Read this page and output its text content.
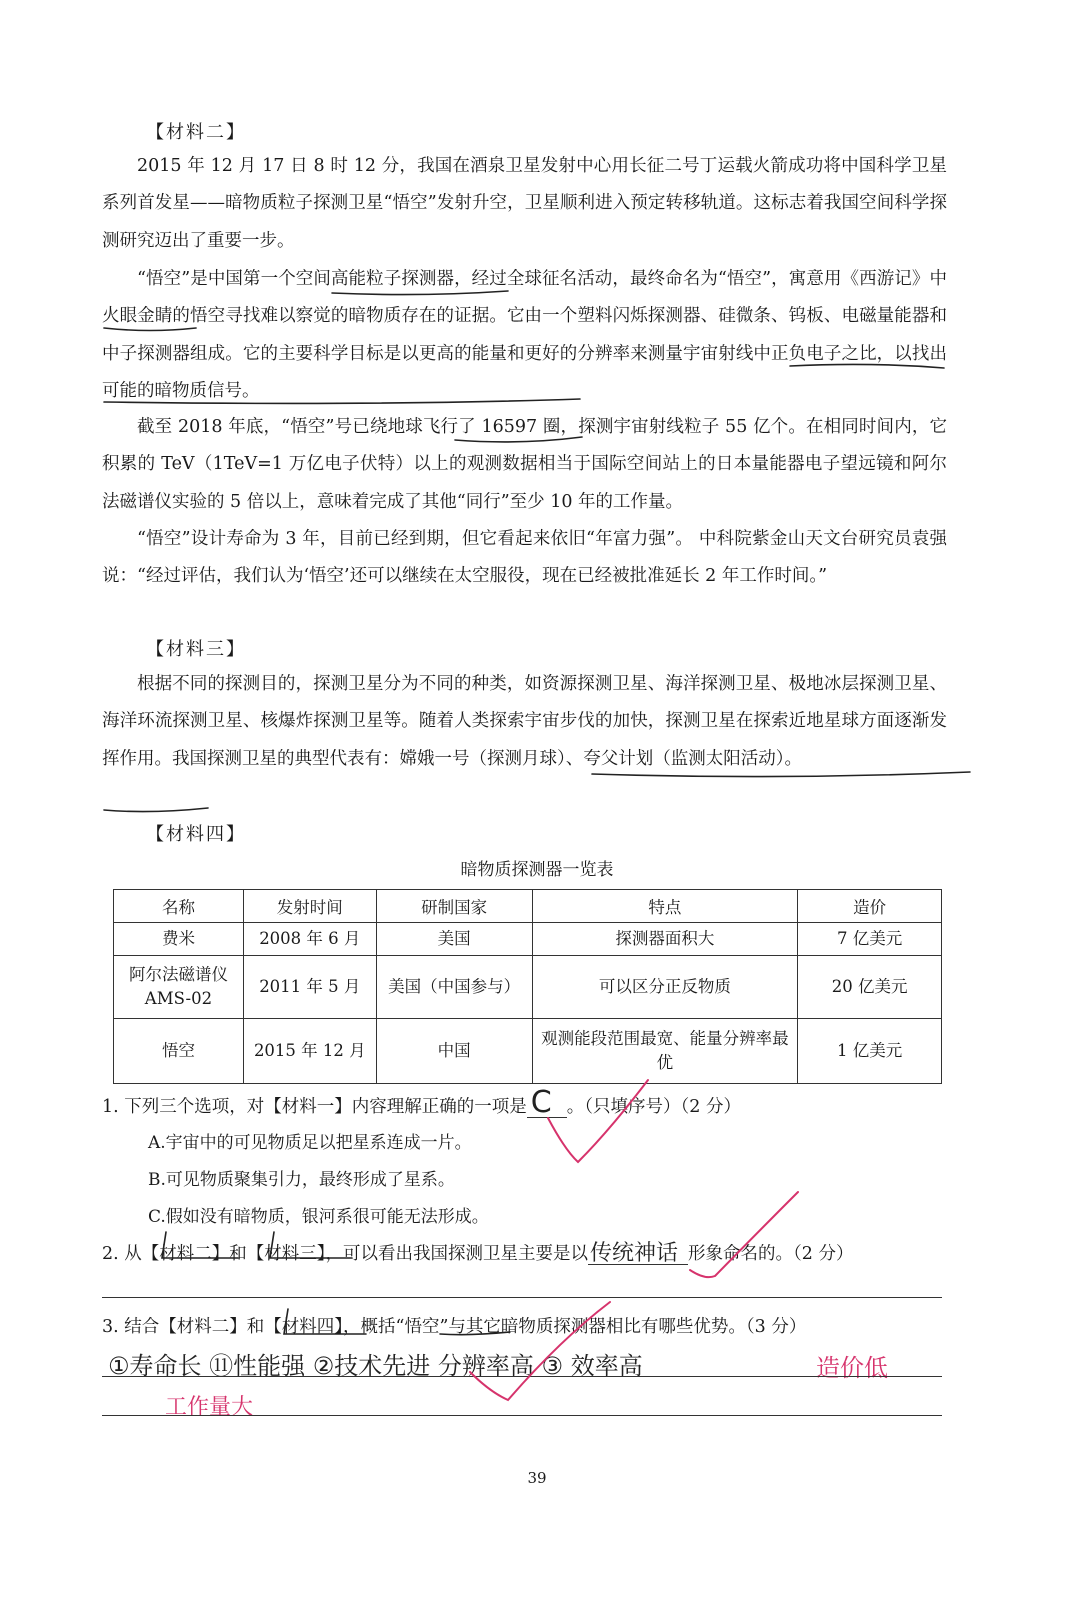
【材料二】
2015 年 12 月 17 日 8 时 12 分，我国在酒泉卫星发射中心用长征二号丁运载火箭成功将中国科学卫星系列首发星——暗物质粒子探测卫星“悟空”发射升空，卫星顺利进入预定转移轨道。这标志着我国空间科学探测研究迈出了重要一步。
“悟空”是中国第一个空间高能粒子探测器，经过全球征名活动，最终命名为“悟空”，寓意用《西游记》中火眼金睛的悟空寻找难以察觉的暗物质存在的证据。它由一个塑料闪烁探测器、硅微条、钨板、电磁量能器和中子探测器组成。它的主要科学目标是以更高的能量和更好的分辨率来测量宇宙射线中正负电子之比，以找出可能的暗物质信号。
截至 2018 年底，“悟空”号已绕地球飞行了 16597 圈，探测宇宙射线粒子 55 亿个。在相同时间内，它积累的 TeV（1TeV=1 万亿电子伏特）以上的观测数据相当于国际空间站上的日本量能器电子望远镜和阿尔法磁谱仪实验的 5 倍以上，意味着完成了其他“同行”至少 10 年的工作量。
“悟空”设计寿命为 3 年，目前已经到期，但它看起来依旧“年富力强”。 中科院紫金山天文台研究员袁强说：“经过评估，我们认为‘悟空’还可以继续在太空服役，现在已经被批准延长 2 年工作时间。”
【材料三】
根据不同的探测目的，探测卫星分为不同的种类，如资源探测卫星、海洋探测卫星、极地冰层探测卫星、海洋环流探测卫星、核爆炸探测卫星等。随着人类探索宇宙步伐的加快，探测卫星在探索近地星球方面逐渐发挥作用。我国探测卫星的典型代表有：嫦娥一号（探测月球）、夸父计划（监测太阳活动）。
【材料四】
暗物质探测器一览表
名称	发射时间	研制国家	特点	造价
费米	2008 年 6 月	美国	探测器面积大	7 亿美元
阿尔法磁谱仪 AMS-02	2011 年 5 月	美国（中国参与）	可以区分正反物质	20 亿美元
悟空	2015 年 12 月	中国	观测能段范围最宽、能量分辨率最优	1 亿美元
1. 下列三个选项，对【材料一】内容理解正确的一项是 C 。（只填序号）（2 分）
A.宇宙中的可见物质足以把星系连成一片。
B.可见物质聚集引力，最终形成了星系。
C.假如没有暗物质，银河系很可能无法形成。
2. 从【材料二】和【材料三】，可以看出我国探测卫星主要是以 传统神话 形象命名的。（2 分）
3. 结合【材料二】和【材料四】，概括“悟空”与其它暗物质探测器相比有哪些优势。（3 分）
①寿命长 ⑪性能强 ②技术先进 分辨率高 ③ 效率高	造价低
工作量大
39
